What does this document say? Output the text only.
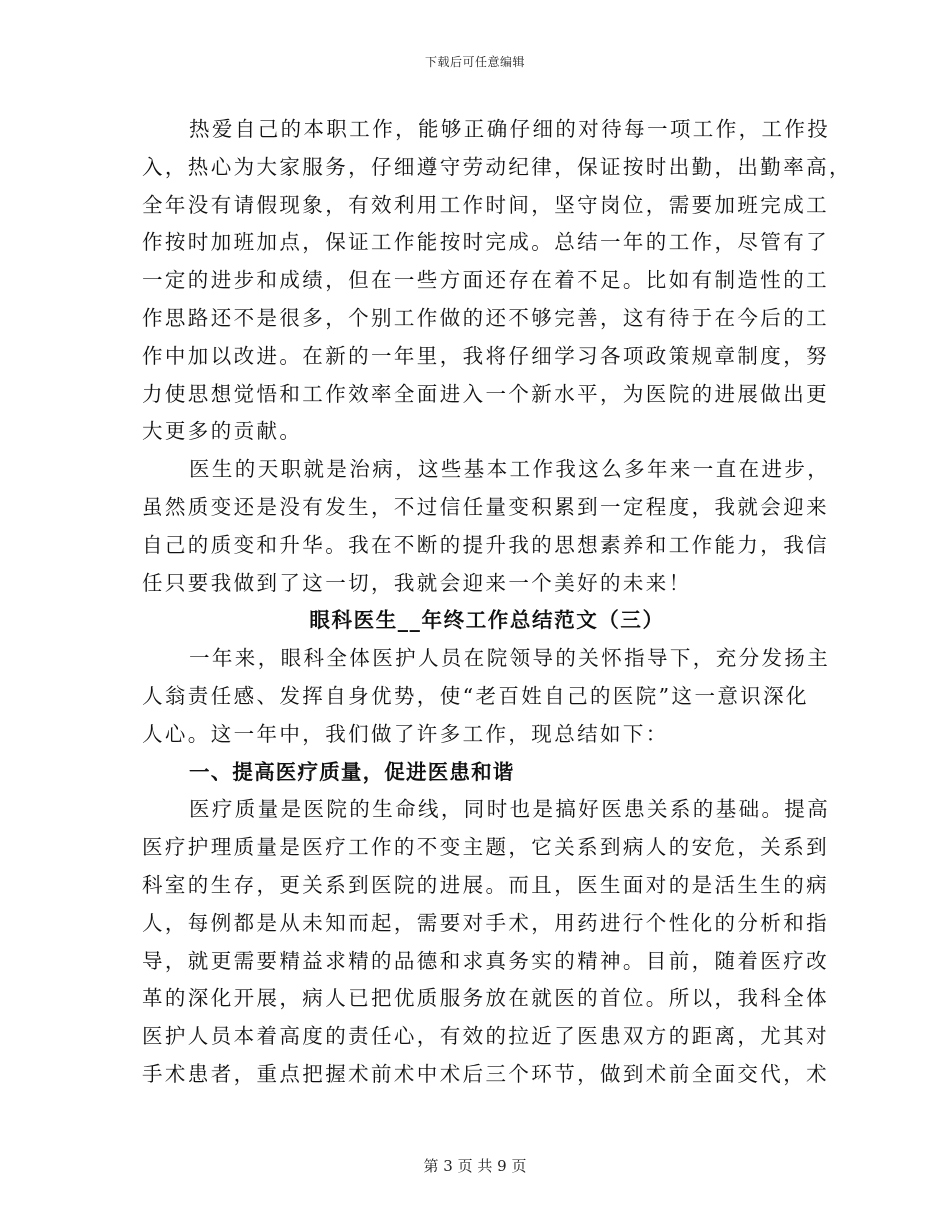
下载后可任意编辑
热爱自己的本职工作，能够正确仔细的对待每一项工作，工作投
入，热心为大家服务，仔细遵守劳动纪律，保证按时出勤，出勤率高，
全年没有请假现象，有效利用工作时间，坚守岗位，需要加班完成工
作按时加班加点，保证工作能按时完成。总结一年的工作，尽管有了
一定的进步和成绩，但在一些方面还存在着不足。比如有制造性的工
作思路还不是很多，个别工作做的还不够完善，这有待于在今后的工
作中加以改进。在新的一年里，我将仔细学习各项政策规章制度，努
力使思想觉悟和工作效率全面进入一个新水平，为医院的进展做出更
大更多的贡献。
医生的天职就是治病，这些基本工作我这么多年来一直在进步，
虽然质变还是没有发生，不过信任量变积累到一定程度，我就会迎来
自己的质变和升华。我在不断的提升我的思想素养和工作能力，我信
任只要我做到了这一切，我就会迎来一个美好的未来！
眼科医生__年终工作总结范文（三）
一年来，眼科全体医护人员在院领导的关怀指导下，充分发扬主
人翁责任感、发挥自身优势，使“老百姓自己的医院”这一意识深化
人心。这一年中，我们做了许多工作，现总结如下：
一、提高医疗质量，促进医患和谐
医疗质量是医院的生命线，同时也是搞好医患关系的基础。提高
医疗护理质量是医疗工作的不变主题，它关系到病人的安危，关系到
科室的生存，更关系到医院的进展。而且，医生面对的是活生生的病
人，每例都是从未知而起，需要对手术，用药进行个性化的分析和指
导，就更需要精益求精的品德和求真务实的精神。目前，随着医疗改
革的深化开展，病人已把优质服务放在就医的首位。所以，我科全体
医护人员本着高度的责任心，有效的拉近了医患双方的距离，尤其对
手术患者，重点把握术前术中术后三个环节，做到术前全面交代，术
第 3 页 共 9 页
